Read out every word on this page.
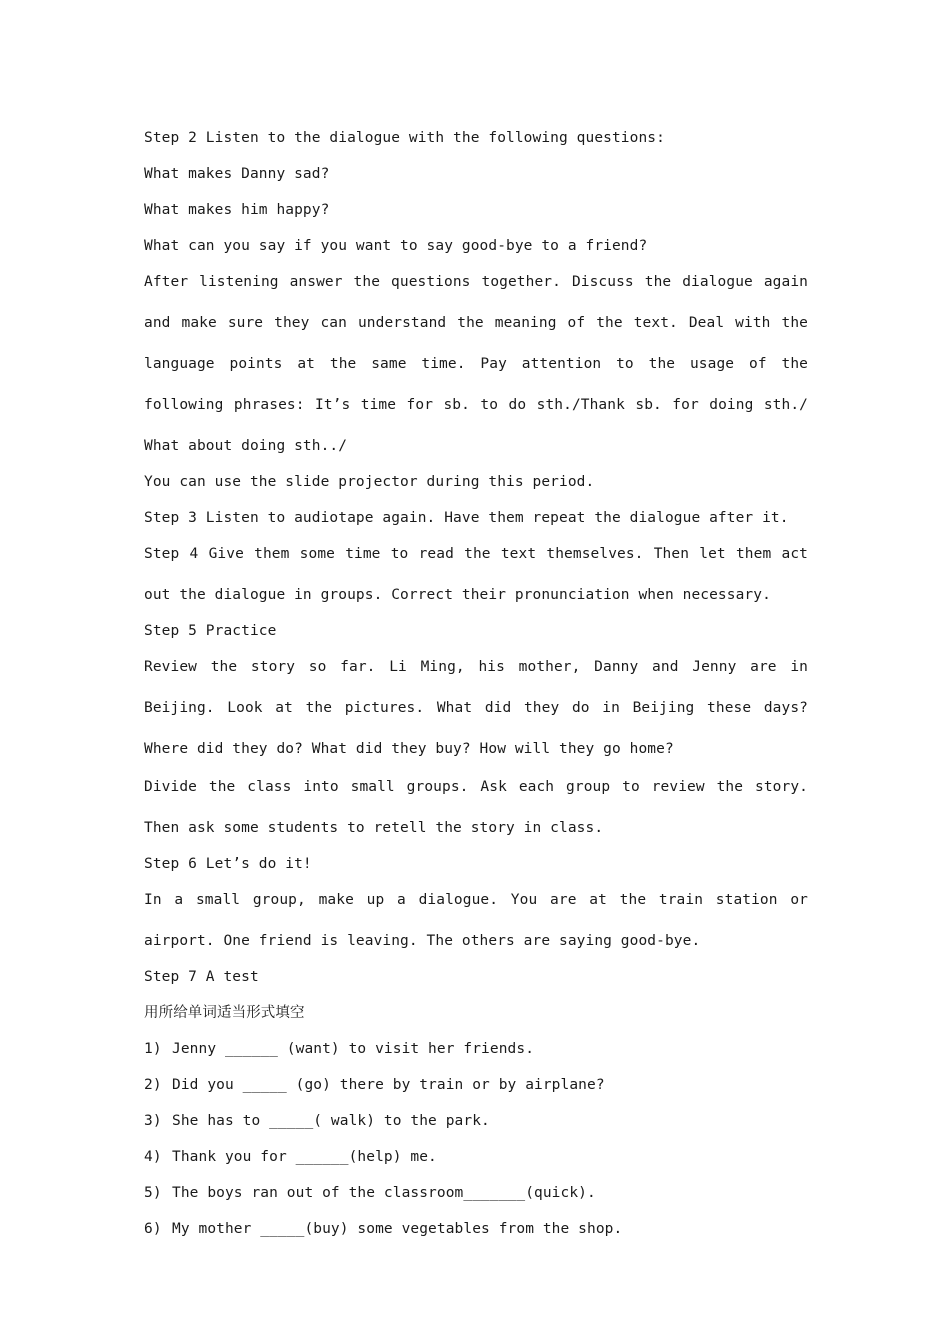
Step 2 Listen to the dialogue with the following questions:
What makes Danny sad?
What makes him happy?
What can you say if you want to say good-bye to a friend?
After listening answer the questions together. Discuss the dialogue again and make sure they can understand the meaning of the text. Deal with the language points at the same time. Pay attention to the usage of the following phrases: It’s time for sb. to do sth./Thank sb. for doing sth./ What about doing sth../
You can use the slide projector during this period.
Step 3 Listen to audiotape again. Have them repeat the dialogue after it.
Step 4 Give them some time to read the text themselves. Then let them act out the dialogue in groups. Correct their pronunciation when necessary.
Step 5 Practice
Review the story so far. Li Ming, his mother, Danny and Jenny are in Beijing. Look at the pictures. What did they do in Beijing these days? Where did they do? What did they buy? How will they go home?
Divide the class into small groups. Ask each group to review the story. Then ask some students to retell the story in class.
Step 6 Let’s do it!
In a small group, make up a dialogue. You are at the train station or airport. One friend is leaving. The others are saying good-bye.
Step 7 A test
用所给单词适当形式填空
1) Jenny ______ (want) to visit her friends.
2) Did you _____ (go) there by train or by airplane?
3) She has to _____( walk) to the park.
4) Thank you for ______(help) me.
5) The boys ran out of the classroom_______(quick).
6) My mother _____(buy) some vegetables from the shop.
